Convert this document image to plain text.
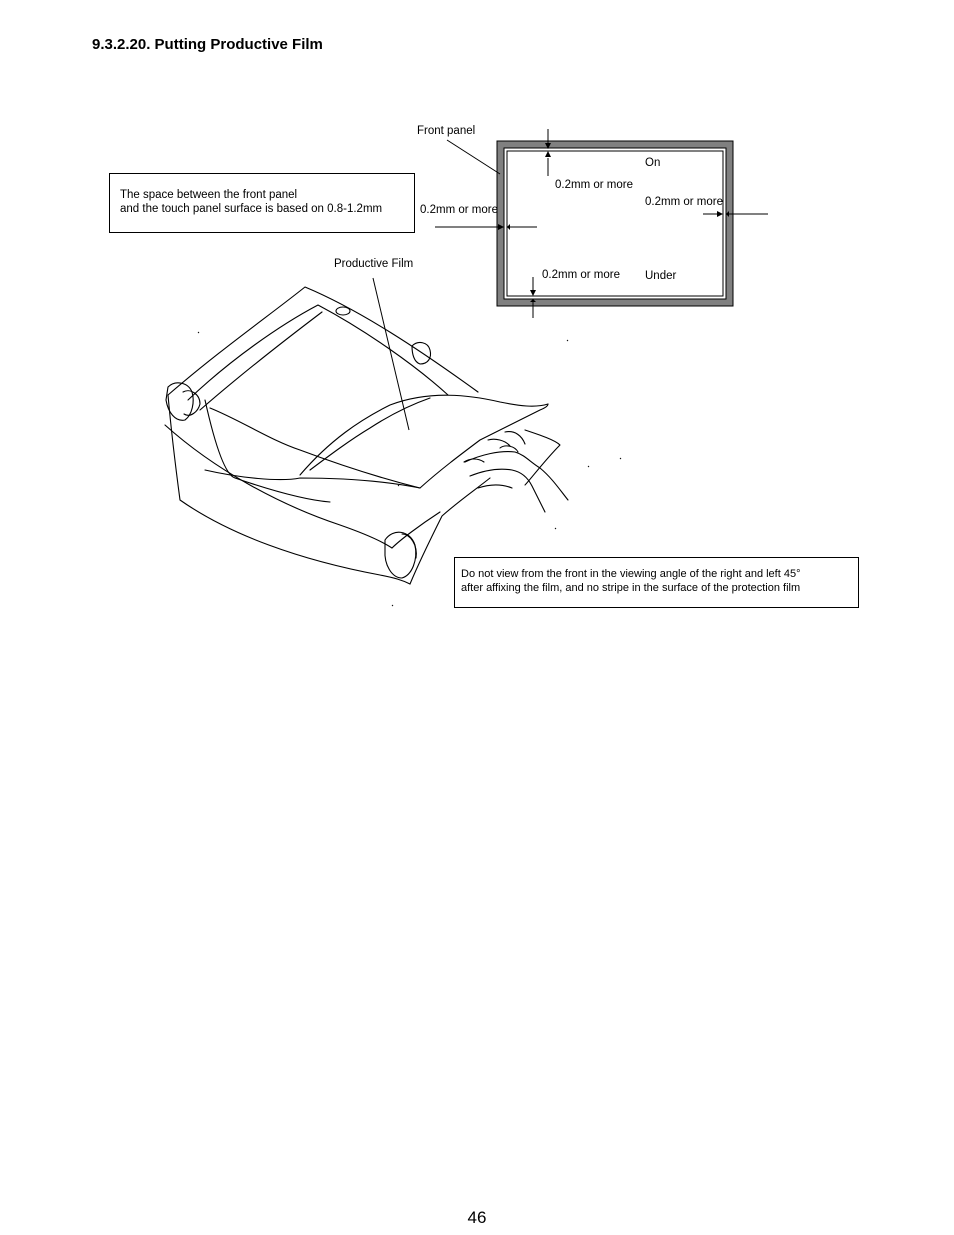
9.3.2.20. Putting Productive Film
Front panel
On
0.2mm or more
0.2mm or more
0.2mm or more
0.2mm or more Under
Productive Film
The space between the front panel
and the touch panel surface is based on 0.8-1.2mm
Do not view from the front in the viewing angle of the right and left 45°
after affixing the film, and no stripe in the surface of the protection film
46
